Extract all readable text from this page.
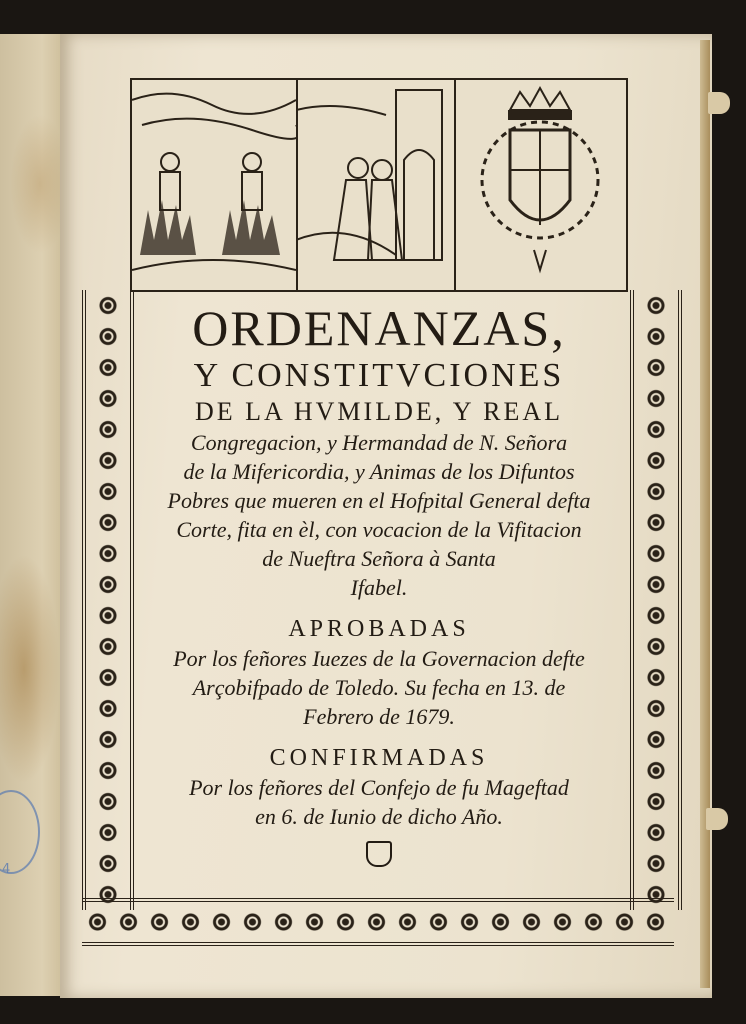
4
ORDENANZAS,
Y CONSTITVCIONES
DE LA HVMILDE, Y REAL
Congregacion, y Hermandad de N. Señora
de la Mifericordia, y Animas de los Difuntos
Pobres que mueren en el Hofpital General defta
Corte, fita en èl, con vocacion de la Vifitacion
de Nueftra Señora à Santa
Ifabel.
APROBADAS
Por los feñores Iuezes de la Governacion defte
Arçobifpado de Toledo. Su fecha en 13. de
Febrero de 1679.
CONFIRMADAS
Por los feñores del Confejo de fu Mageftad
en 6. de Iunio de dicho Año.
